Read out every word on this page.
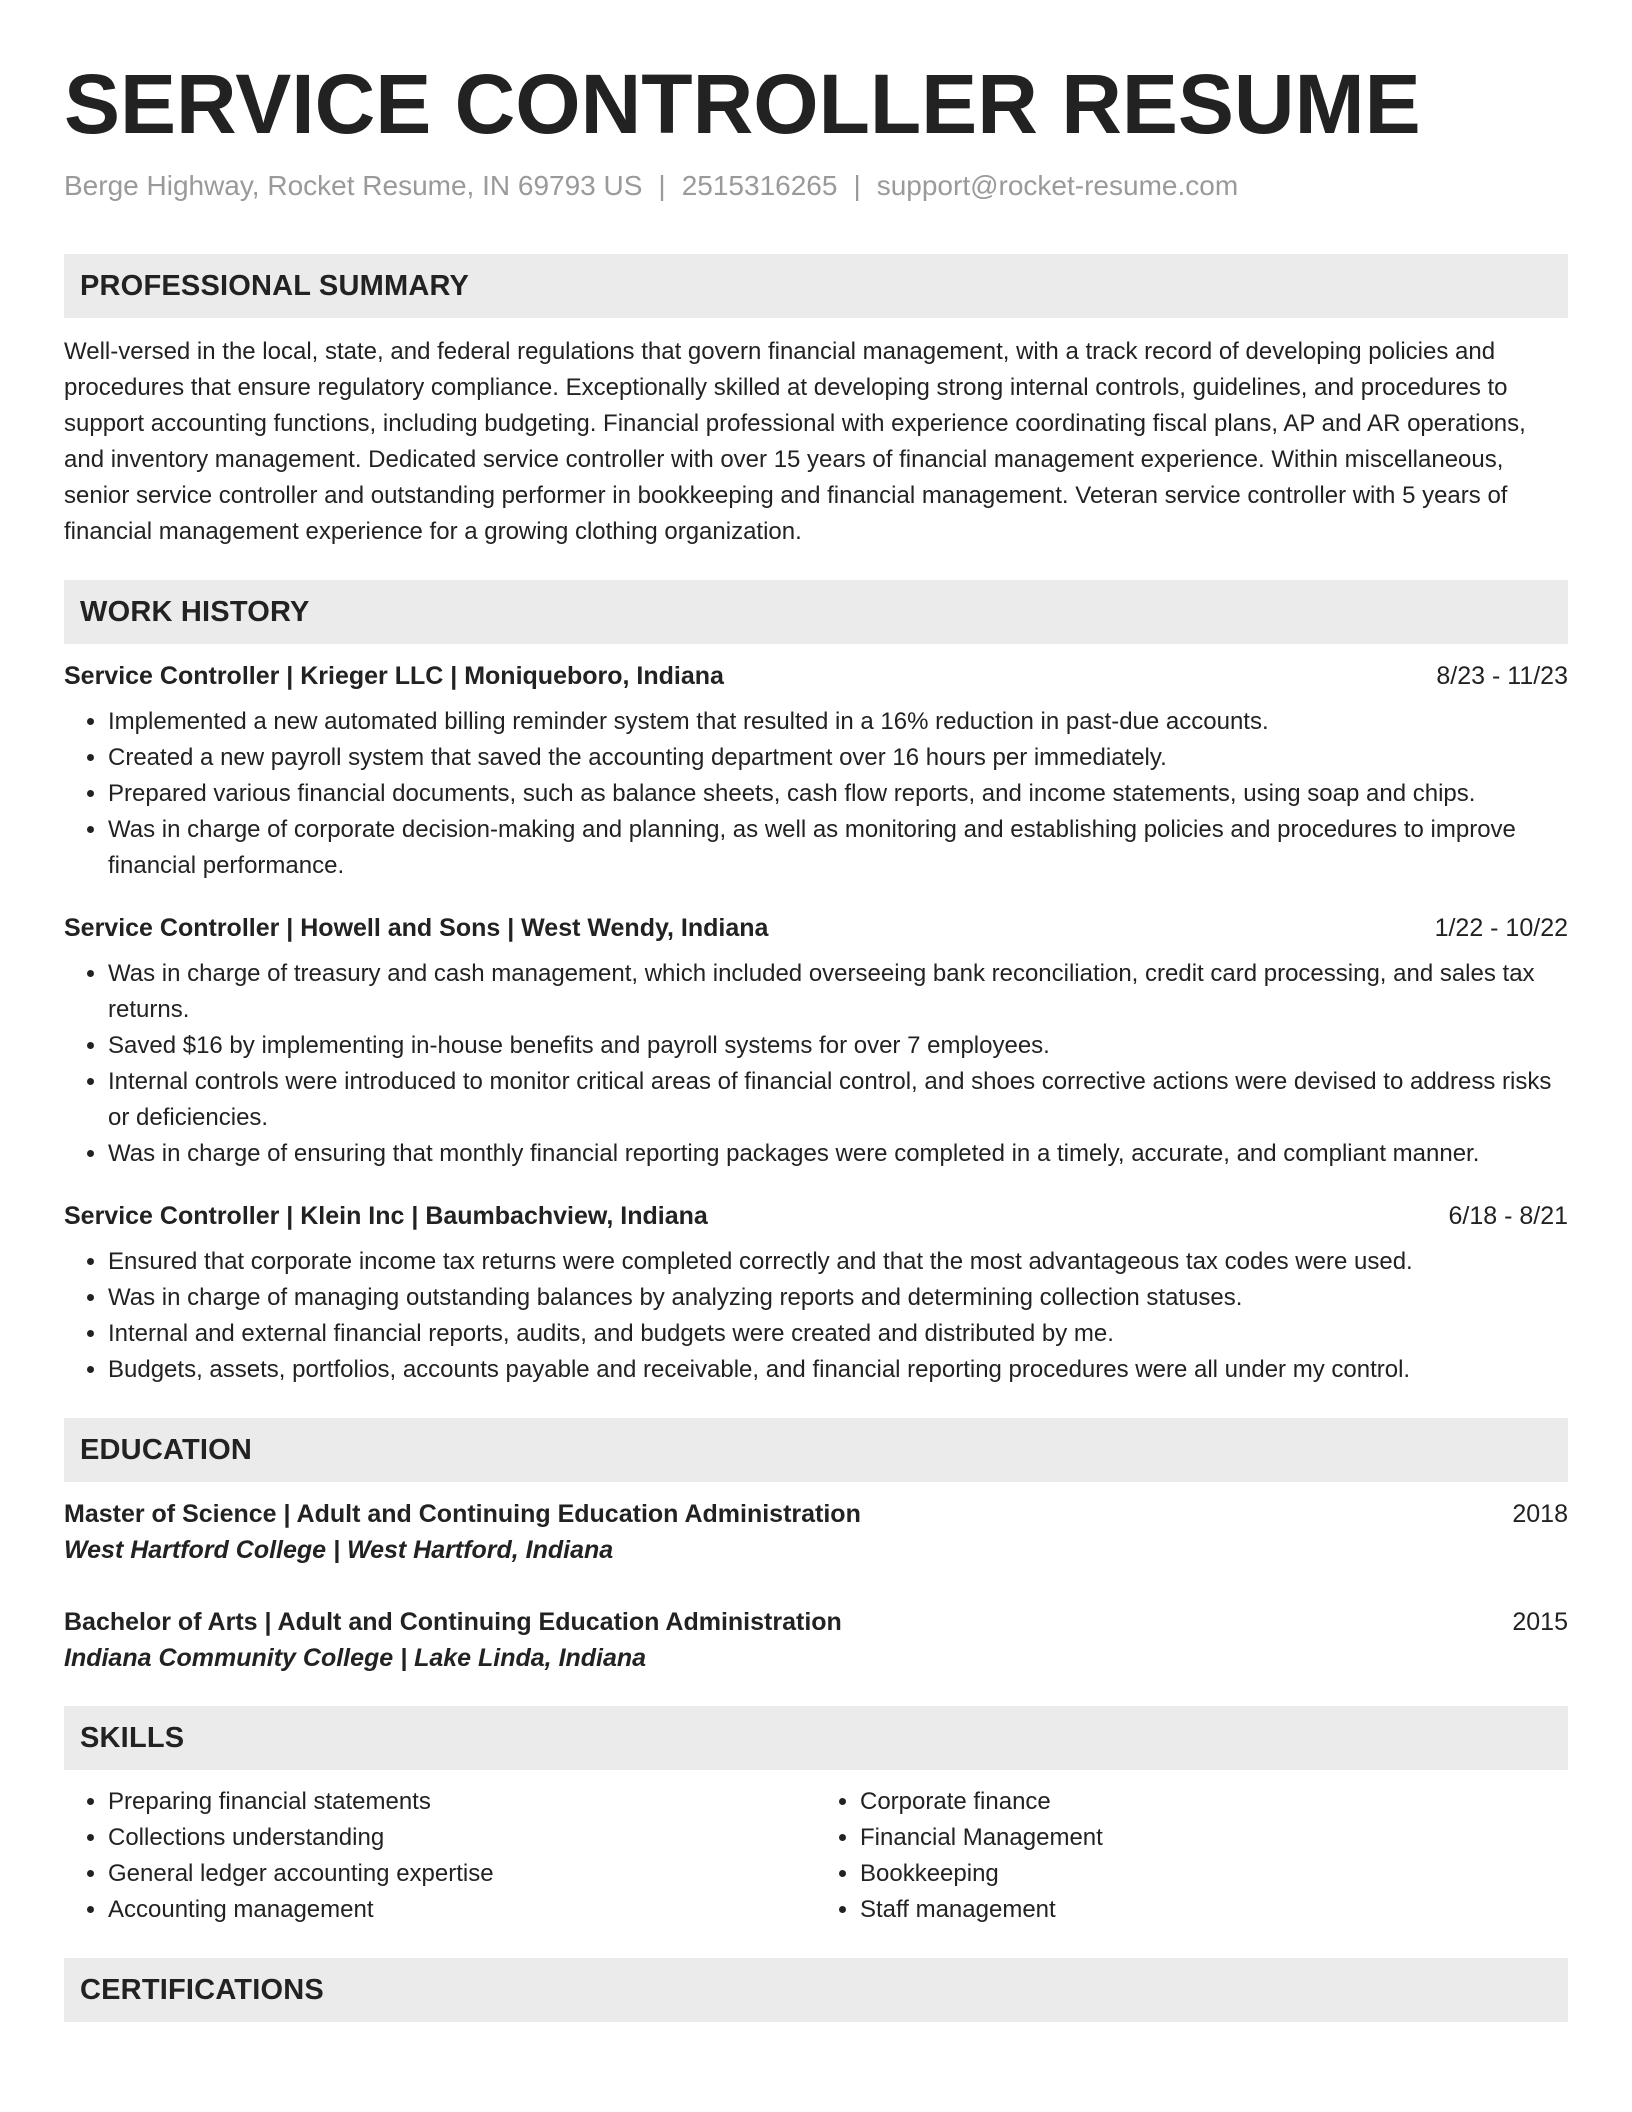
SERVICE CONTROLLER RESUME
Berge Highway, Rocket Resume, IN 69793 US | 2515316265 | support@rocket-resume.com
PROFESSIONAL SUMMARY

Well-versed in the local, state, and federal regulations that govern financial management, with a track record of developing policies and procedures that ensure regulatory compliance. Exceptionally skilled at developing strong internal controls, guidelines, and procedures to support accounting functions, including budgeting. Financial professional with experience coordinating fiscal plans, AP and AR operations, and inventory management. Dedicated service controller with over 15 years of financial management experience. Within miscellaneous, senior service controller and outstanding performer in bookkeeping and financial management. Veteran service controller with 5 years of financial management experience for a growing clothing organization.

WORK HISTORY
Service Controller | Krieger LLC | Moniqueboro, Indiana	8/23 - 11/23
• Implemented a new automated billing reminder system that resulted in a 16% reduction in past-due accounts.
• Created a new payroll system that saved the accounting department over 16 hours per immediately.
• Prepared various financial documents, such as balance sheets, cash flow reports, and income statements, using soap and chips.
• Was in charge of corporate decision-making and planning, as well as monitoring and establishing policies and procedures to improve financial performance.
Service Controller | Howell and Sons | West Wendy, Indiana	1/22 - 10/22
• Was in charge of treasury and cash management, which included overseeing bank reconciliation, credit card processing, and sales tax returns.
• Saved $16 by implementing in-house benefits and payroll systems for over 7 employees.
• Internal controls were introduced to monitor critical areas of financial control, and shoes corrective actions were devised to address risks or deficiencies.
• Was in charge of ensuring that monthly financial reporting packages were completed in a timely, accurate, and compliant manner.
Service Controller | Klein Inc | Baumbachview, Indiana	6/18 - 8/21
• Ensured that corporate income tax returns were completed correctly and that the most advantageous tax codes were used.
• Was in charge of managing outstanding balances by analyzing reports and determining collection statuses.
• Internal and external financial reports, audits, and budgets were created and distributed by me.
• Budgets, assets, portfolios, accounts payable and receivable, and financial reporting procedures were all under my control.
EDUCATION
Master of Science | Adult and Continuing Education Administration	2018
West Hartford College | West Hartford, Indiana
Bachelor of Arts | Adult and Continuing Education Administration	2015
Indiana Community College | Lake Linda, Indiana
SKILLS
• Preparing financial statements
• Collections understanding
• General ledger accounting expertise
• Accounting management
• Corporate finance
• Financial Management
• Bookkeeping
• Staff management
CERTIFICATIONS
